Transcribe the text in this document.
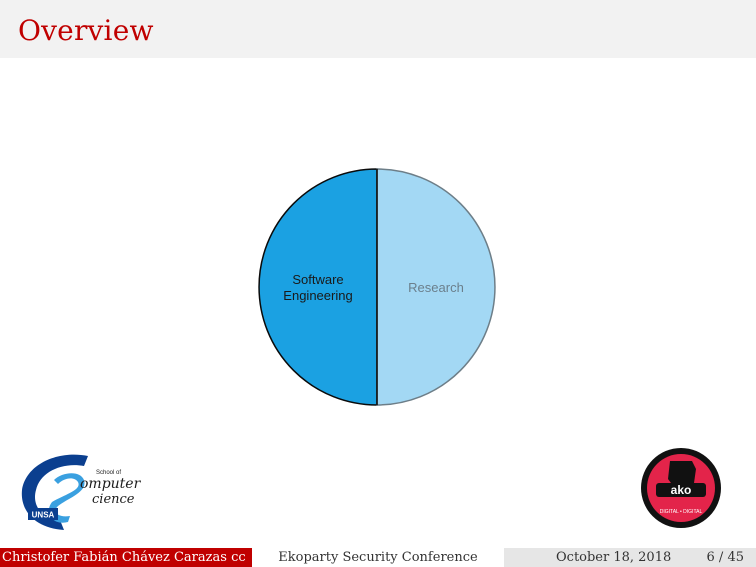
Overview
Software
Engineering
Research
UNSA
School of
omputer
cience
ako
DIGITAL • DIGITAL
Christofer Fabián Chávez Carazas cc	Ekoparty Security Conference	October 18, 2018	6 / 45
